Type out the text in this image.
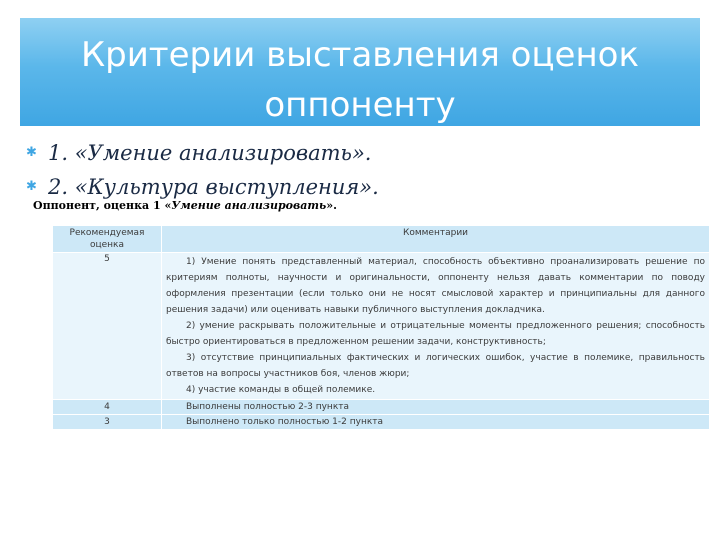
Критерии выставления оценок оппоненту
✱ 1. «Умение анализировать».
✱ 2. «Культура выступления».
Оппонент, оценка 1 «Умение анализировать».
Рекомендуемая оценка	Комментарии
5	1) Умение понять представленный материал, способность объективно проанализировать решение по критериям полноты, научности и оригинальности, оппоненту нельзя давать комментарии по поводу оформления презентации (если только они не носят смысловой характер и принципиальны для данного решения задачи) или оценивать навыки публичного выступления докладчика.

2) умение раскрывать положительные и отрицательные моменты предложенного решения; способность быстро ориентироваться в предложенном решении задачи, конструктивность;

3) отсутствие принципиальных фактических и логических ошибок, участие в полемике, правильность ответов на вопросы участников боя, членов жюри;

4) участие команды в общей полемике.

4	Выполнены полностью 2-3 пункта

3	Выполнено только полностью 1-2 пункта
